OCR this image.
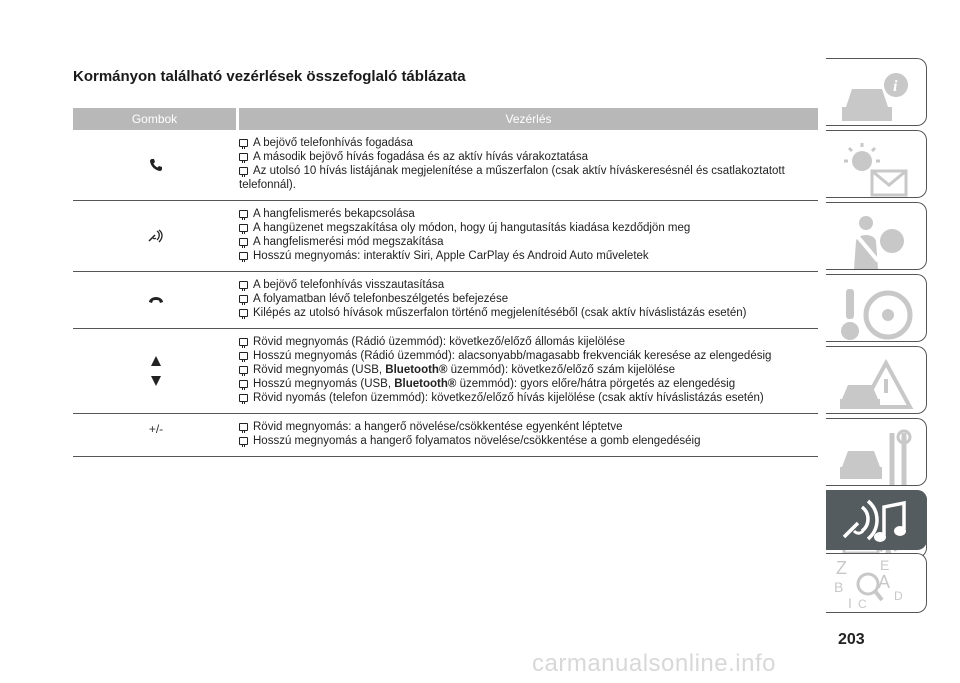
Kormányon található vezérlések összefoglaló táblázata
Gombok	Vezérlés
A bejövő telefonhívás fogadása
A második bejövő hívás fogadása és az aktív hívás várakoztatása
Az utolsó 10 hívás listájának megjelenítése a műszerfalon (csak aktív híváskeresésnél és csatlakoztatott
telefonnál).
A hangfelismerés bekapcsolása
A hangüzenet megszakítása oly módon, hogy új hangutasítás kiadása kezdődjön meg
A hangfelismerési mód megszakítása
Hosszú megnyomás: interaktív Siri, Apple CarPlay és Android Auto műveletek
A bejövő telefonhívás visszautasítása
A folyamatban lévő telefonbeszélgetés befejezése
Kilépés az utolsó hívások műszerfalon történő megjelenítéséből (csak aktív híváslistázás esetén)
Rövid megnyomás (Rádió üzemmód): következő/előző állomás kijelölése
Hosszú megnyomás (Rádió üzemmód): alacsonyabb/magasabb frekvenciák keresése az elengedésig
Rövid megnyomás (USB, Bluetooth® üzemmód): következő/előző szám kijelölése
Hosszú megnyomás (USB, Bluetooth® üzemmód): gyors előre/hátra pörgetés az elengedésig
Rövid nyomás (telefon üzemmód): következő/előző hívás kijelölése (csak aktív híváslistázás esetén)
+/-	Rövid megnyomás: a hangerő növelése/csökkentése egyenként léptetve
Hosszú megnyomás a hangerő folyamatos növelése/csökkentése a gomb elengedéséig
i
Z E
A
B
D
I C
203
carmanualsonline.info
